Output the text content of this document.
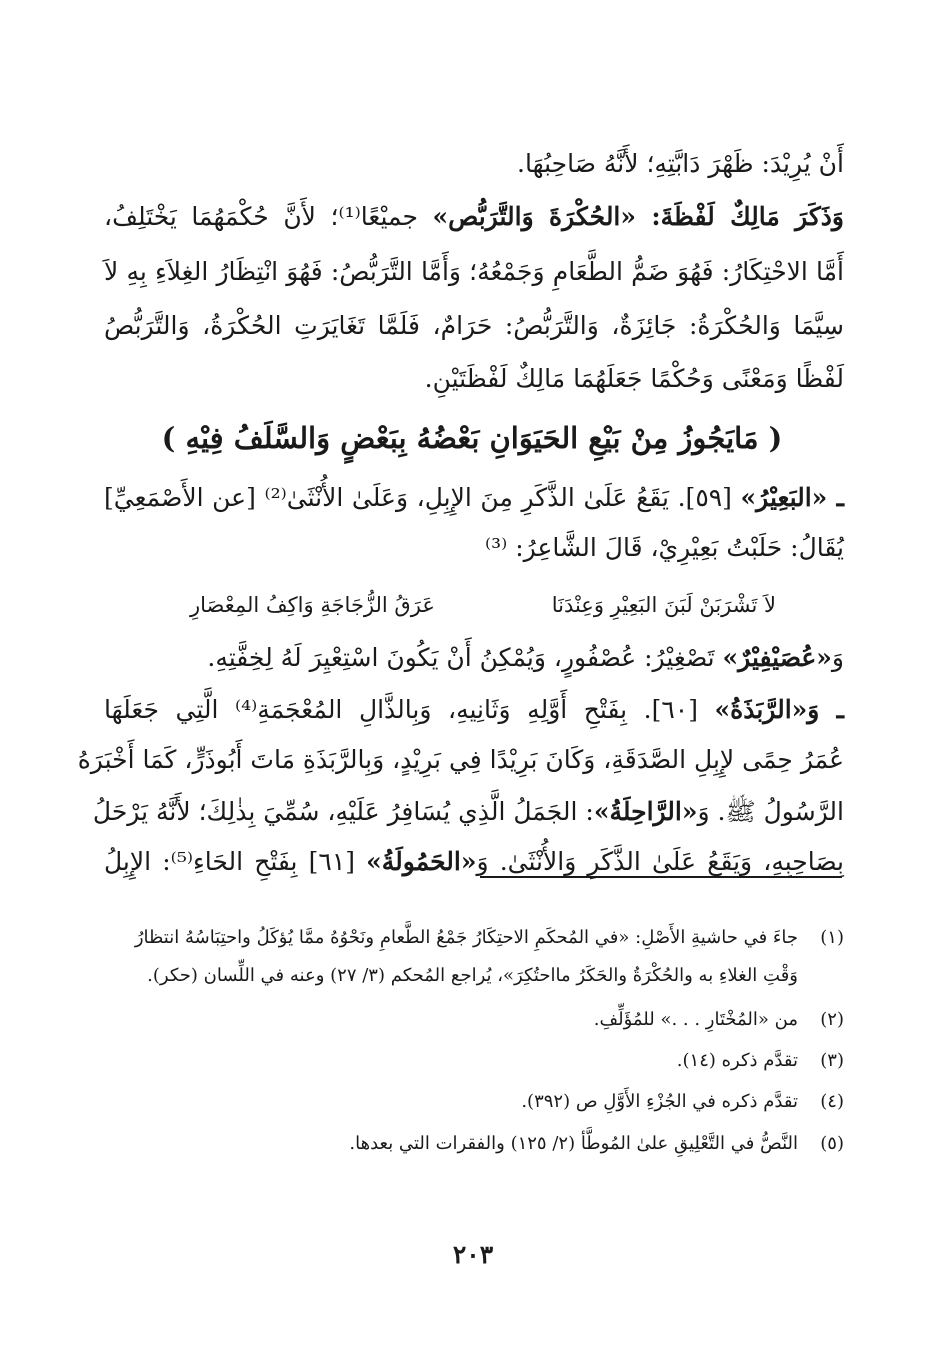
أَنْ يُرِيْدَ: ظَهْرَ دَابَّتِهِ؛ لأَنَّهُ صَاحِبُهَا.
وَذَكَرَ مَالِكٌ لَفْظَةَ: «الحُكْرَةَ وَالتَّرَبُّص» جميْعًا⁽¹⁾؛ لأَنَّ حُكْمَهُمَا يَخْتَلِفُ،
أَمَّا الاحْتِكَارُ: فَهُوَ ضَمُّ الطَّعَامِ وَجَمْعُهُ؛ وَأَمَّا التَّرَبُّصُ: فَهُوَ انْتِظَارُ الغِلاَءِ بِهِ لاَ
سِيَّمَا وَالحُكْرَةُ: جَائِزَةٌ، وَالتَّرَبُّصُ: حَرَامٌ، فَلَمَّا تَغَايَرَتِ الحُكْرَةُ، وَالتَّرَبُّصُ
لَفْظًا وَمَعْنًى وَحُكْمًا جَعَلَهُمَا مَالِكٌ لَفْظَتَيْنِ.
( مَايَجُوزُ مِنْ بَيْعِ الحَيَوَانِ بَعْضُهُ بِبَعْضٍ وَالسَّلَفُ فِيْهِ )
ـ «البَعِيْرُ» [٥٩]. يَقَعُ عَلَىٰ الذَّكَرِ مِنَ الإِبِلِ، وَعَلَىٰ الأُنْثَىٰ⁽²⁾ [عن الأَصْمَعِيِّ]
يُقَالُ: حَلَبْتُ بَعِيْرِيْ، قَالَ الشَّاعِرُ: ⁽³⁾
لاَ تَشْرَبَنْ لَبَنَ البَعِيْرِ وَعِنْدَنَا
عَرَقُ الزُّجَاجَةِ وَاكِفُ المِعْصَارِ
وَ«عُصَيْفِيْرٌ» تَصْغِيْرُ: عُصْفُورٍ، وَيُمْكِنُ أَنْ يَكُونَ اسْتِعْيِرَ لَهُ لِخِفَّتِهِ.
ـ وَ«الرَّبَذَةُ» [٦٠]. بِفَتْحِ أَوَّلِهِ وَثَانِيهِ، وَبِالذَّالِ المُعْجَمَةِ⁽⁴⁾ الَّتِي جَعَلَهَا
عُمَرُ حِمًى لإِبِلِ الصَّدَقَةِ، وَكَانَ بَرِيْدًا فِي بَرِيْدٍ، وَبِالرَّبَذَةِ مَاتَ أَبُوذَرٍّ، كَمَا أَخْبَرَهُ
الرَّسُولُ ﷺ. وَ«الرَّاحِلَةُ»: الجَمَلُ الَّذِي يُسَافِرُ عَلَيْهِ، سُمِّيَ بِذٰلِكَ؛ لأَنَّهُ يَرْحَلُ
بِصَاحِبِهِ، وَيَقَعُ عَلَىٰ الذَّكَرِ وَالأُنْثَىٰ. وَ«الحَمُولَةُ» [٦١] بِفَتْحِ الحَاءِ⁽⁵⁾: الإِبِلُ
(١)جاءَ في حاشيةِ الأَصْلِ: «في المُحكَمِ الاحتِكَارُ جَمْعُ الطَّعامِ ونَحْوُهُ ممَّا يُؤكَلُ واحتِبَاسُهُ انتظارُ
وَقْتِ الغلاءِ به والحُكْرَةُ والحَكَرُ مااحتُكِرَ»، يُراجع المُحكم (٣/ ٢٧) وعنه في اللِّسان (حكر).
(٢)من «المُخْتَارِ . . .» للمُؤَلِّفِ.
(٣)تقدَّم ذكره (١٤).
(٤)تقدَّم ذكره في الجُزْءِ الأَوَّلِ ص (٣٩٢).
(٥)النَّصُّ في التَّعْلِيقِ علىٰ المُوطَّأ (٢/ ١٢٥) والفقرات التي بعدها.
٢٠٣
